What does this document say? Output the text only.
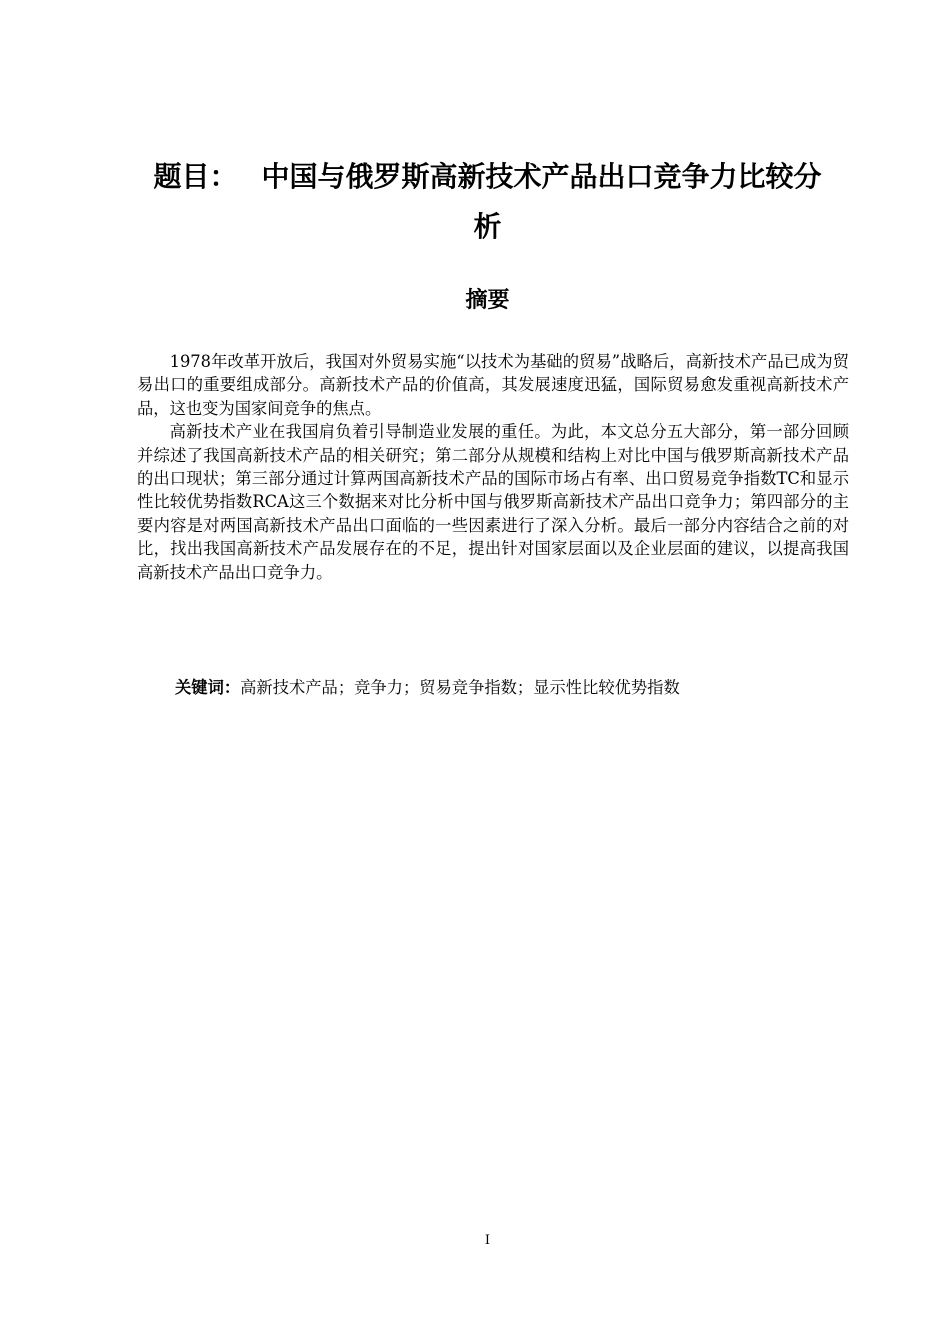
题目： 中国与俄罗斯高新技术产品出口竞争力比较分
析
摘要

1978年改革开放后，我国对外贸易实施“以技术为基础的贸易”战略后，高新技术产品已成为贸易出口的重要组成部分。高新技术产品的价值高，其发展速度迅猛，国际贸易愈发重视高新技术产品，这也变为国家间竞争的焦点。

高新技术产业在我国肩负着引导制造业发展的重任。为此，本文总分五大部分，第一部分回顾并综述了我国高新技术产品的相关研究；第二部分从规模和结构上对比中国与俄罗斯高新技术产品的出口现状；第三部分通过计算两国高新技术产品的国际市场占有率、出口贸易竞争指数TC和显示性比较优势指数RCA这三个数据来对比分析中国与俄罗斯高新技术产品出口竞争力；第四部分的主要内容是对两国高新技术产品出口面临的一些因素进行了深入分析。最后一部分内容结合之前的对比，找出我国高新技术产品发展存在的不足，提出针对国家层面以及企业层面的建议，以提高我国高新技术产品出口竞争力。

关键词：高新技术产品；竞争力；贸易竞争指数；显示性比较优势指数
I
